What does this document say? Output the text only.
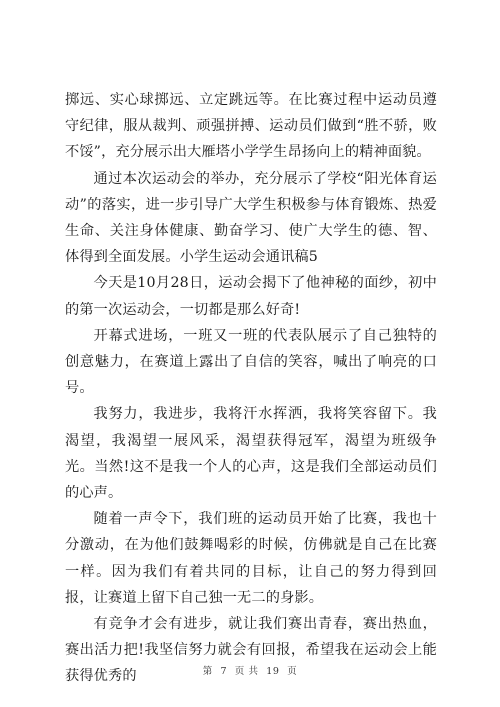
掷远、实心球掷远、立定跳远等。在比赛过程中运动员遵守纪律，服从裁判、顽强拼搏、运动员们做到“胜不骄，败不馁”，充分展示出大雁塔小学学生昂扬向上的精神面貌。

通过本次运动会的举办，充分展示了学校“阳光体育运动”的落实，进一步引导广大学生积极参与体育锻炼、热爱生命、关注身体健康、勤奋学习、使广大学生的德、智、体得到全面发展。小学生运动会通讯稿5

今天是10月28日，运动会揭下了他神秘的面纱，初中的第一次运动会，一切都是那么好奇!

开幕式进场，一班又一班的代表队展示了自己独特的创意魅力，在赛道上露出了自信的笑容，喊出了响亮的口号。

我努力，我进步，我将汗水挥洒，我将笑容留下。我渴望，我渴望一展风采，渴望获得冠军，渴望为班级争光。当然!这不是我一个人的心声，这是我们全部运动员们的心声。

随着一声令下，我们班的运动员开始了比赛，我也十分激动，在为他们鼓舞喝彩的时候，仿佛就是自己在比赛一样。因为我们有着共同的目标，让自己的努力得到回报，让赛道上留下自己独一无二的身影。

有竞争才会有进步，就让我们赛出青春，赛出热血，赛出活力把!我坚信努力就会有回报，希望我在运动会上能获得优秀的	第 7 页 共 19 页
